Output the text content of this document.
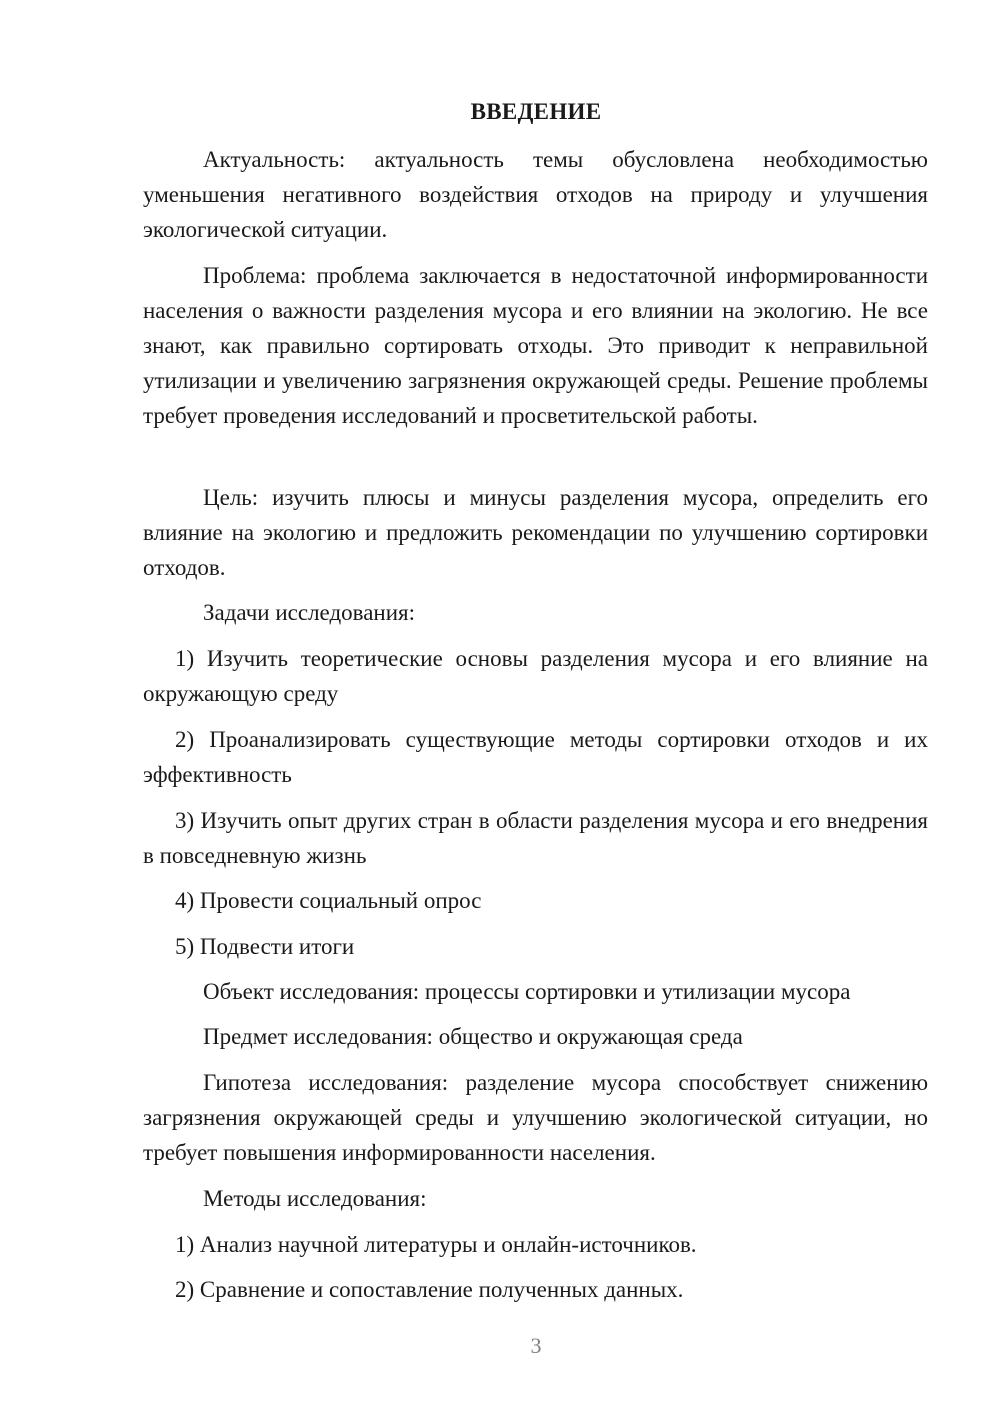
ВВЕДЕНИЕ

Актуальность: актуальность темы обусловлена необходимостью уменьшения негативного воздействия отходов на природу и улучшения экологической ситуации.

Проблема: проблема заключается в недостаточной информированности населения о важности разделения мусора и его влиянии на экологию. Не все знают, как правильно сортировать отходы. Это приводит к неправильной утилизации и увеличению загрязнения окружающей среды. Решение проблемы требует проведения исследований и просветительской работы.

Цель: изучить плюсы и минусы разделения мусора, определить его влияние на экологию и предложить рекомендации по улучшению сортировки отходов.

Задачи исследования:

1) Изучить теоретические основы разделения мусора и его влияние на окружающую среду

2) Проанализировать существующие методы сортировки отходов и их эффективность

3) Изучить опыт других стран в области разделения мусора и его внедрения в повседневную жизнь

4) Провести социальный опрос

5) Подвести итоги

Объект исследования: процессы сортировки и утилизации мусора

Предмет исследования: общество и окружающая среда

Гипотеза исследования: разделение мусора способствует снижению загрязнения окружающей среды и улучшению экологической ситуации, но требует повышения информированности населения.

Методы исследования:

1) Анализ научной литературы и онлайн-источников.

2) Сравнение и сопоставление полученных данных.

3
